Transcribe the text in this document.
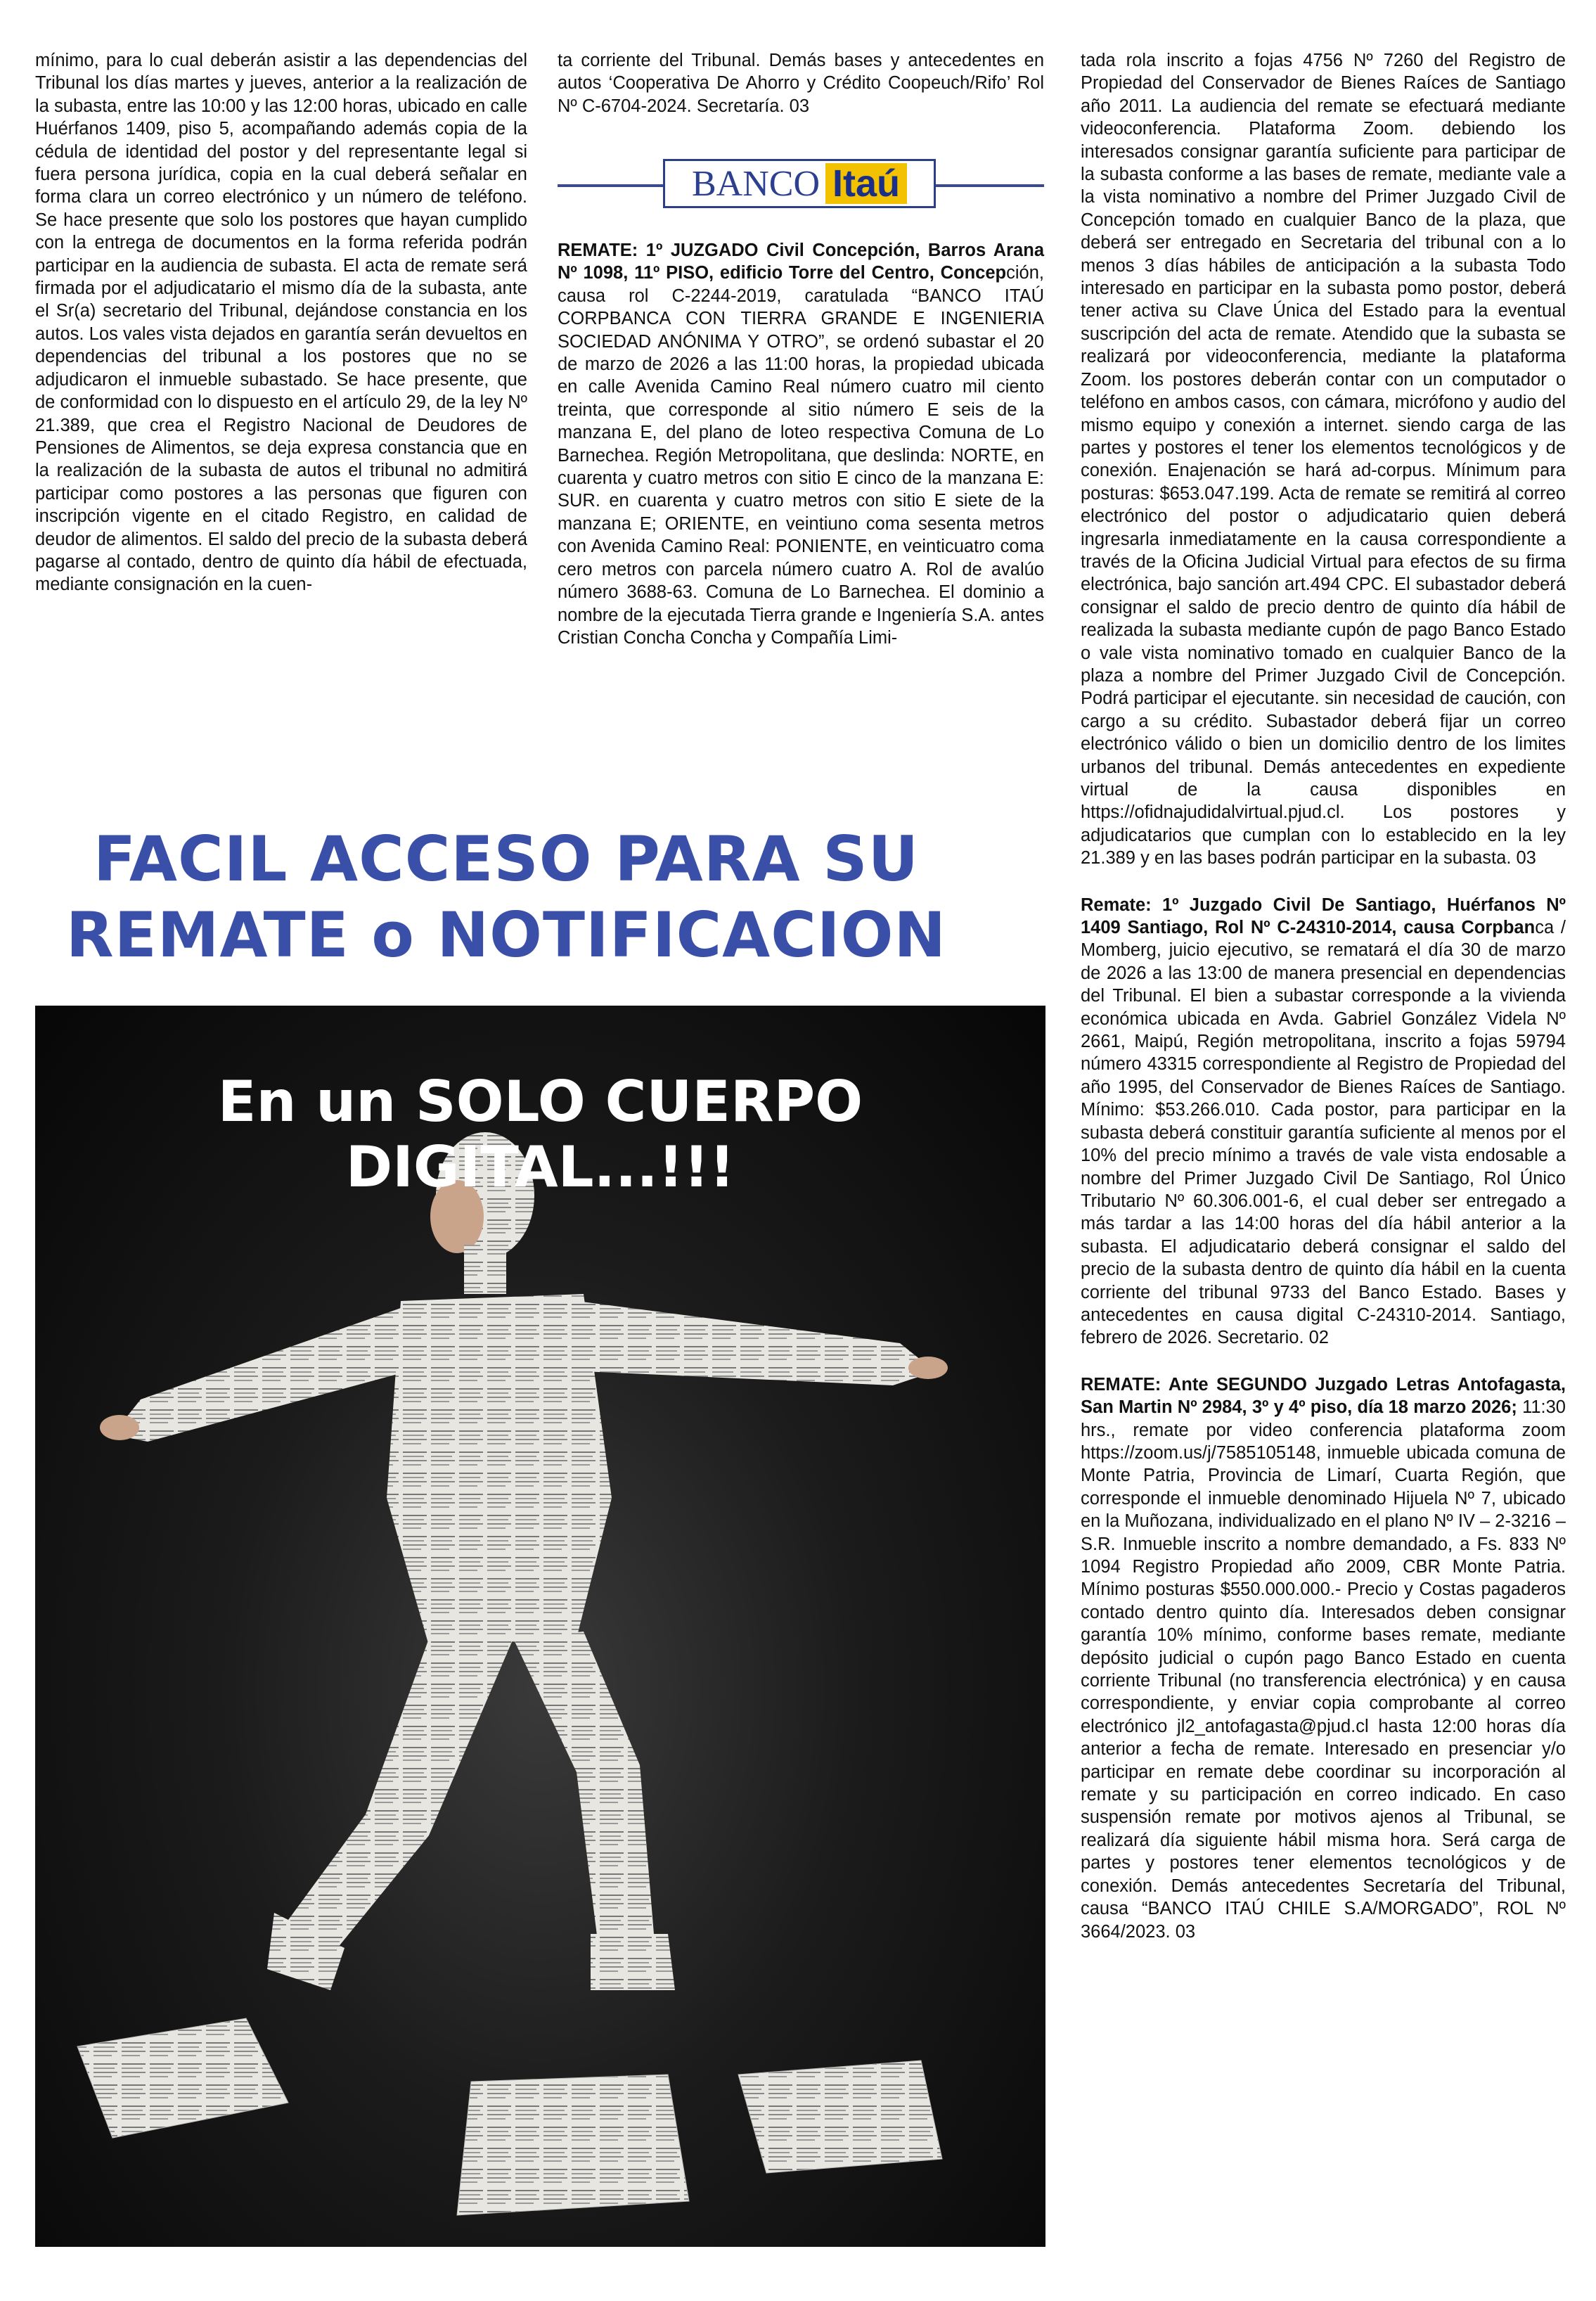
mínimo, para lo cual deberán asistir a las dependencias del Tribunal los días martes y jueves, anterior a la realización de la subasta, entre las 10:00 y las 12:00 horas, ubicado en calle Huérfanos 1409, piso 5, acompañando además copia de la cédula de identidad del postor y del representante legal si fuera persona jurídica, copia en la cual deberá señalar en forma clara un correo electrónico y un número de teléfono. Se hace presente que solo los postores que hayan cumplido con la entrega de documentos en la forma referida podrán participar en la audiencia de subasta. El acta de remate será firmada por el adjudicatario el mismo día de la subasta, ante el Sr(a) secretario del Tribunal, dejándose constancia en los autos. Los vales vista dejados en garantía serán devueltos en dependencias del tribunal a los postores que no se adjudicaron el inmueble subastado. Se hace presente, que de conformidad con lo dispuesto en el artículo 29, de la ley Nº 21.389, que crea el Registro Nacional de Deudores de Pensiones de Alimentos, se deja expresa constancia que en la realización de la subasta de autos el tribunal no admitirá participar como postores a las personas que figuren con inscripción vigente en el citado Registro, en calidad de deudor de alimentos. El saldo del precio de la subasta deberá pagarse al contado, dentro de quinto día hábil de efectuada, mediante consignación en la cuen-

ta corriente del Tribunal. Demás bases y antecedentes en autos ‘Cooperativa De Ahorro y Crédito Coopeuch/Rifo’ Rol Nº C-6704-2024. Secretaría. 03

BANCO Itaú

REMATE: 1º JUZGADO Civil Concepción, Barros Arana Nº 1098, 11º PISO, edificio Torre del Centro, Concepción, causa rol C-2244-2019, caratulada “BANCO ITAÚ CORPBANCA CON TIERRA GRANDE E INGENIERIA SOCIEDAD ANÓNIMA Y OTRO”, se ordenó subastar el 20 de marzo de 2026 a las 11:00 horas, la propiedad ubicada en calle Avenida Camino Real número cuatro mil ciento treinta, que corresponde al sitio número E seis de la manzana E, del plano de loteo respectiva Comuna de Lo Barnechea. Región Metropolitana, que deslinda: NORTE, en cuarenta y cuatro metros con sitio E cinco de la manzana E: SUR. en cuarenta y cuatro metros con sitio E siete de la manzana E; ORIENTE, en veintiuno coma sesenta metros con Avenida Camino Real: PONIENTE, en veinticuatro coma cero metros con parcela número cuatro A. Rol de avalúo número 3688-63. Comuna de Lo Barnechea. El dominio a nombre de la ejecutada Tierra grande e Ingeniería S.A. antes Cristian Concha Concha y Compañía Limi-

tada rola inscrito a fojas 4756 Nº 7260 del Registro de Propiedad del Conservador de Bienes Raíces de Santiago año 2011. La audiencia del remate se efectuará mediante videoconferencia. Plataforma Zoom. debiendo los interesados consignar garantía suficiente para participar de la subasta conforme a las bases de remate, mediante vale a la vista nominativo a nombre del Primer Juzgado Civil de Concepción tomado en cualquier Banco de la plaza, que deberá ser entregado en Secretaria del tribunal con a lo menos 3 días hábiles de anticipación a la subasta Todo interesado en participar en la subasta pomo postor, deberá tener activa su Clave Única del Estado para la eventual suscripción del acta de remate. Atendido que la subasta se realizará por videoconferencia, mediante la plataforma Zoom. los postores deberán contar con un computador o teléfono en ambos casos, con cámara, micrófono y audio del mismo equipo y conexión a internet. siendo carga de las partes y postores el tener los elementos tecnológicos y de conexión. Enajenación se hará ad-corpus. Mínimum para posturas: $653.047.199. Acta de remate se remitirá al correo electrónico del postor o adjudicatario quien deberá ingresarla inmediatamente en la causa correspondiente a través de la Oficina Judicial Virtual para efectos de su firma electrónica, bajo sanción art.494 CPC. El subastador deberá consignar el saldo de precio dentro de quinto día hábil de realizada la subasta mediante cupón de pago Banco Estado o vale vista nominativo tomado en cualquier Banco de la plaza a nombre del Primer Juzgado Civil de Concepción. Podrá participar el ejecutante. sin necesidad de caución, con cargo a su crédito. Subastador deberá fijar un correo electrónico válido o bien un domicilio dentro de los limites urbanos del tribunal. Demás antecedentes en expediente virtual de la causa disponibles en https://ofidnajudidalvirtual.pjud.cl. Los postores y adjudicatarios que cumplan con lo establecido en la ley 21.389 y en las bases podrán participar en la subasta. 03

Remate: 1º Juzgado Civil De Santiago, Huérfanos Nº 1409 Santiago, Rol Nº C-24310-2014, causa Corpbanca / Momberg, juicio ejecutivo, se rematará el día 30 de marzo de 2026 a las 13:00 de manera presencial en dependencias del Tribunal. El bien a subastar corresponde a la vivienda económica ubicada en Avda. Gabriel González Videla Nº 2661, Maipú, Región metropolitana, inscrito a fojas 59794 número 43315 correspondiente al Registro de Propiedad del año 1995, del Conservador de Bienes Raíces de Santiago. Mínimo: $53.266.010. Cada postor, para participar en la subasta deberá constituir garantía suficiente al menos por el 10% del precio mínimo a través de vale vista endosable a nombre del Primer Juzgado Civil De Santiago, Rol Único Tributario Nº 60.306.001-6, el cual deber ser entregado a más tardar a las 14:00 horas del día hábil anterior a la subasta. El adjudicatario deberá consignar el saldo del precio de la subasta dentro de quinto día hábil en la cuenta corriente del tribunal 9733 del Banco Estado. Bases y antecedentes en causa digital C-24310-2014. Santiago, febrero de 2026. Secretario. 02

REMATE: Ante SEGUNDO Juzgado Letras Antofagasta, San Martin Nº 2984, 3º y 4º piso, día 18 marzo 2026; 11:30 hrs., remate por video conferencia plataforma zoom https://zoom.us/j/7585105148, inmueble ubicada comuna de Monte Patria, Provincia de Limarí, Cuarta Región, que corresponde el inmueble denominado Hijuela Nº 7, ubicado en la Muñozana, individualizado en el plano Nº IV – 2-3216 – S.R. Inmueble inscrito a nombre demandado, a Fs. 833 Nº 1094 Registro Propiedad año 2009, CBR Monte Patria. Mínimo posturas $550.000.000.- Precio y Costas pagaderos contado dentro quinto día. Interesados deben consignar garantía 10% mínimo, conforme bases remate, mediante depósito judicial o cupón pago Banco Estado en cuenta corriente Tribunal (no transferencia electrónica) y en causa correspondiente, y enviar copia comprobante al correo electrónico jl2_antofagasta@pjud.cl hasta 12:00 horas día anterior a fecha de remate. Interesado en presenciar y/o participar en remate debe coordinar su incorporación al remate y su participación en correo indicado. En caso suspensión remate por motivos ajenos al Tribunal, se realizará día siguiente hábil misma hora. Será carga de partes y postores tener elementos tecnológicos y de conexión. Demás antecedentes Secretaría del Tribunal, causa “BANCO ITAÚ CHILE S.A/MORGADO”, ROL Nº 3664/2023. 03

FACIL ACCESO PARA SU
REMATE o NOTIFICACION
En un SOLO CUERPO DIGITAL...!!!
